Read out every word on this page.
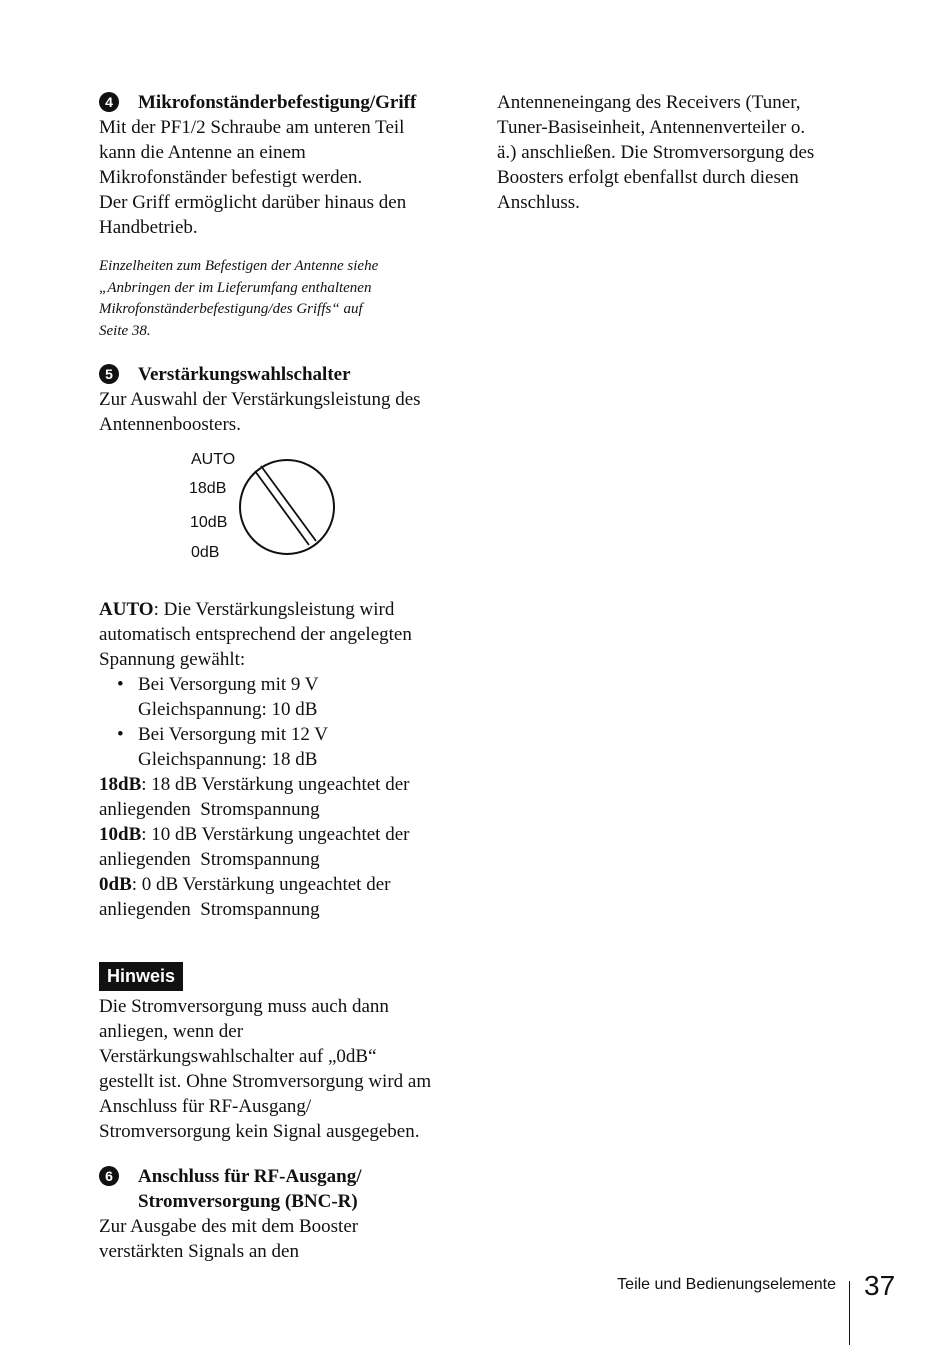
4	Mikrofonständerbefestigung/Griff

Mit der PF1/2 Schraube am unteren Teil

kann die Antenne an einem

Mikrofonständer befestigt werden.

Der Griff ermöglicht darüber hinaus den

Handbetrieb.

Einzelheiten zum Befestigen der Antenne siehe

„Anbringen der im Lieferumfang enthaltenen

Mikrofonständerbefestigung/des Griffs“ auf

Seite 38.

5	Verstärkungswahlschalter

Zur Auswahl der Verstärkungsleistung des

Antennenboosters.

AUTO
18dB
10dB
0dB

AUTO: Die Verstärkungsleistung wird

automatisch entsprechend der angelegten

Spannung gewählt:

• Bei Versorgung mit 9 V

Gleichspannung: 10 dB

• Bei Versorgung mit 12 V

Gleichspannung: 18 dB

18dB: 18 dB Verstärkung ungeachtet der

anliegenden  Stromspannung

10dB: 10 dB Verstärkung ungeachtet der

anliegenden  Stromspannung

0dB: 0 dB Verstärkung ungeachtet der

anliegenden  Stromspannung

Hinweis

Die Stromversorgung muss auch dann

anliegen, wenn der

Verstärkungswahlschalter auf „0dB“

gestellt ist. Ohne Stromversorgung wird am

Anschluss für RF-Ausgang/

Stromversorgung kein Signal ausgegeben.

6	Anschluss für RF-Ausgang/

Stromversorgung (BNC-R)

Zur Ausgabe des mit dem Booster

verstärkten Signals an den

Antenneneingang des Receivers (Tuner,

Tuner-Basiseinheit, Antennenverteiler o.

ä.) anschließen. Die Stromversorgung des

Boosters erfolgt ebenfallst durch diesen

Anschluss.

Teile und Bedienungselemente 37
